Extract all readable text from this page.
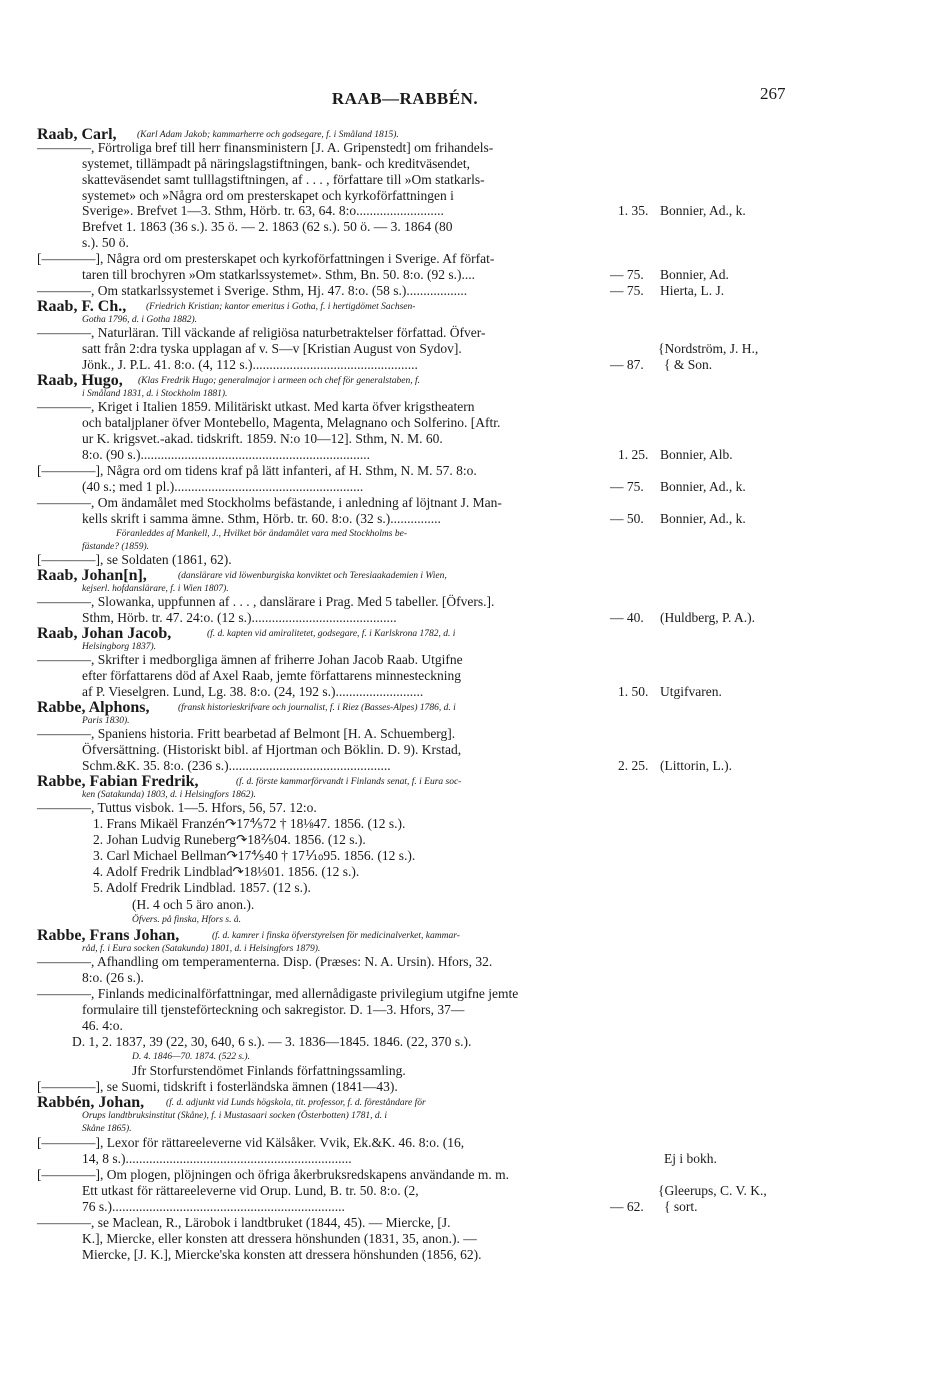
RAAB—RABBÉN.	267
Raab, Carl, (Karl Adam Jakob; kammarherre och godsegare, f. i Småland 1815).
————, Förtroliga bref till herr finansministern [J. A. Gripenstedt] om frihandels-
systemet, tillämpadt på näringslagstiftningen, bank- och kreditväsendet,
skatteväsendet samt tulllagstiftningen, af . . . , författare till »Om statkarls-
systemet» och »Några ord om presterskapet och kyrkoförfattningen i
Sverige». Brefvet 1—3. Sthm, Hörb. tr. 63, 64. 8:o..........................	1. 35. Bonnier, Ad., k.
Brefvet 1. 1863 (36 s.). 35 ö. — 2. 1863 (62 s.). 50 ö. — 3. 1864 (80
s.). 50 ö.
[————], Några ord om presterskapet och kyrkoförfattningen i Sverige. Af förfat-
taren till brochyren »Om statkarlssystemet». Sthm, Bn. 50. 8:o. (92 s.)....	— 75. Bonnier, Ad.
————, Om statkarlssystemet i Sverige. Sthm, Hj. 47. 8:o. (58 s.)..................	— 75. Hierta, L. J.
Raab, F. Ch., (Friedrich Kristian; kantor emeritus i Gotha, f. i hertigdömet Sachsen-
Gotha 1796, d. i Gotha 1882).
————, Naturläran. Till väckande af religiösa naturbetraktelser författad. Öfver-
satt från 2:dra tyska upplagan af v. S—v [Kristian August von Sydov].	{Nordström, J. H.,
Jönk., J. P.L. 41. 8:o. (4, 112 s.).................................................	— 87. { & Son.
Raab, Hugo, (Klas Fredrik Hugo; generalmajor i armeen och chef för generalstaben, f.
i Småland 1831, d. i Stockholm 1881).
————, Kriget i Italien 1859. Militäriskt utkast. Med karta öfver krigstheatern
och bataljplaner öfver Montebello, Magenta, Melagnano och Solferino. [Aftr.
ur K. krigsvet.-akad. tidskrift. 1859. N:o 10—12]. Sthm, N. M. 60.
8:o. (90 s.)....................................................................	1. 25. Bonnier, Alb.
[————], Några ord om tidens kraf på lätt infanteri, af H. Sthm, N. M. 57. 8:o.
(40 s.; med 1 pl.)........................................................	— 75. Bonnier, Ad., k.
————, Om ändamålet med Stockholms befästande, i anledning af löjtnant J. Man-
kells skrift i samma ämne. Sthm, Hörb. tr. 60. 8:o. (32 s.)...............	— 50. Bonnier, Ad., k.
Föranleddes af Mankell, J., Hvilket bör ändamålet vara med Stockholms be-
fästande? (1859).
[————], se Soldaten (1861, 62).
Raab, Johan[n],	(danslärare vid löwenburgiska konviktet och Teresiaakademien i Wien,
kejserl. hofdanslärare, f. i Wien 1807).
————, Slowanka, uppfunnen af . . . , danslärare i Prag. Med 5 tabeller. [Öfvers.].
Sthm, Hörb. tr. 47. 24:o. (12 s.)...........................................	— 40. (Huldberg, P. A.).
Raab, Johan Jacob,	(f. d. kapten vid amiralitetet, godsegare, f. i Karlskrona 1782, d. i
Helsingborg 1837).
————, Skrifter i medborgliga ämnen af friherre Johan Jacob Raab. Utgifne
efter författarens död af Axel Raab, jemte författarens minnesteckning
af P. Vieselgren. Lund, Lg. 38. 8:o. (24, 192 s.)..........................	1. 50. Utgifvaren.
Rabbe, Alphons,	(fransk historieskrifvare och journalist, f. i Riez (Basses-Alpes) 1786, d. i
Paris 1830).
————, Spaniens historia. Fritt bearbetad af Belmont [H. A. Schuemberg].
Öfversättning. (Historiskt bibl. af Hjortman och Böklin. D. 9). Krstad,
Schm.&K. 35. 8:o. (236 s.)................................................	2. 25. (Littorin, L.).
Rabbe, Fabian Fredrik,	(f. d. förste kammarförvandt i Finlands senat, f. i Eura soc-
ken (Satakunda) 1803, d. i Helsingfors 1862).
————, Tuttus visbok. 1—5. Hfors, 56, 57. 12:o.
1. Frans Mikaël Franzén↷17⅘72 † 18⅛47. 1856. (12 s.).
2. Johan Ludvig Runeberg↷18⅖04. 1856. (12 s.).
3. Carl Michael Bellman↷17⅘40 † 17⅒95. 1856. (12 s.).
4. Adolf Fredrik Lindblad↷18⅓01. 1856. (12 s.).
5. Adolf Fredrik Lindblad. 1857. (12 s.).
(H. 4 och 5 äro anon.).
Öfvers. på finska, Hfors s. å.
Rabbe, Frans Johan,	(f. d. kamrer i finska öfverstyrelsen för medicinalverket, kammar-
råd, f. i Eura socken (Satakunda) 1801, d. i Helsingfors 1879).
————, Afhandling om temperamenterna. Disp. (Præses: N. A. Ursin). Hfors, 32.
8:o. (26 s.).
————, Finlands medicinalförfattningar, med allernådigaste privilegium utgifne jemte
formulaire till tjensteförteckning och sakregistor. D. 1—3. Hfors, 37—
46. 4:o.
D. 1, 2. 1837, 39 (22, 30, 640, 6 s.). — 3. 1836—1845. 1846. (22, 370 s.).
D. 4. 1846—70. 1874. (522 s.).
Jfr Storfurstendömet Finlands författningssamling.
[————], se Suomi, tidskrift i fosterländska ämnen (1841—43).
Rabbén, Johan, (f. d. adjunkt vid Lunds högskola, tit. professor, f. d. föreståndare för
Orups landtbruksinstitut (Skåne), f. i Mustasaari socken (Österbotten) 1781, d. i
Skåne 1865).
[————], Lexor för rättareeleverne vid Kälsåker. Vvik, Ek.&K. 46. 8:o. (16,
14, 8 s.)...................................................................	Ej i bokh.
[————], Om plogen, plöjningen och öfriga åkerbruksredskapens användande m. m.
Ett utkast för rättareeleverne vid Orup. Lund, B. tr. 50. 8:o. (2,	{Gleerups, C. V. K.,
76 s.).....................................................................	— 62. { sort.
————, se Maclean, R., Lärobok i landtbruket (1844, 45). — Miercke, [J.
K.], Miercke, eller konsten att dressera hönshunden (1831, 35, anon.). —
Miercke, [J. K.], Miercke'ska konsten att dressera hönshunden (1856, 62).
